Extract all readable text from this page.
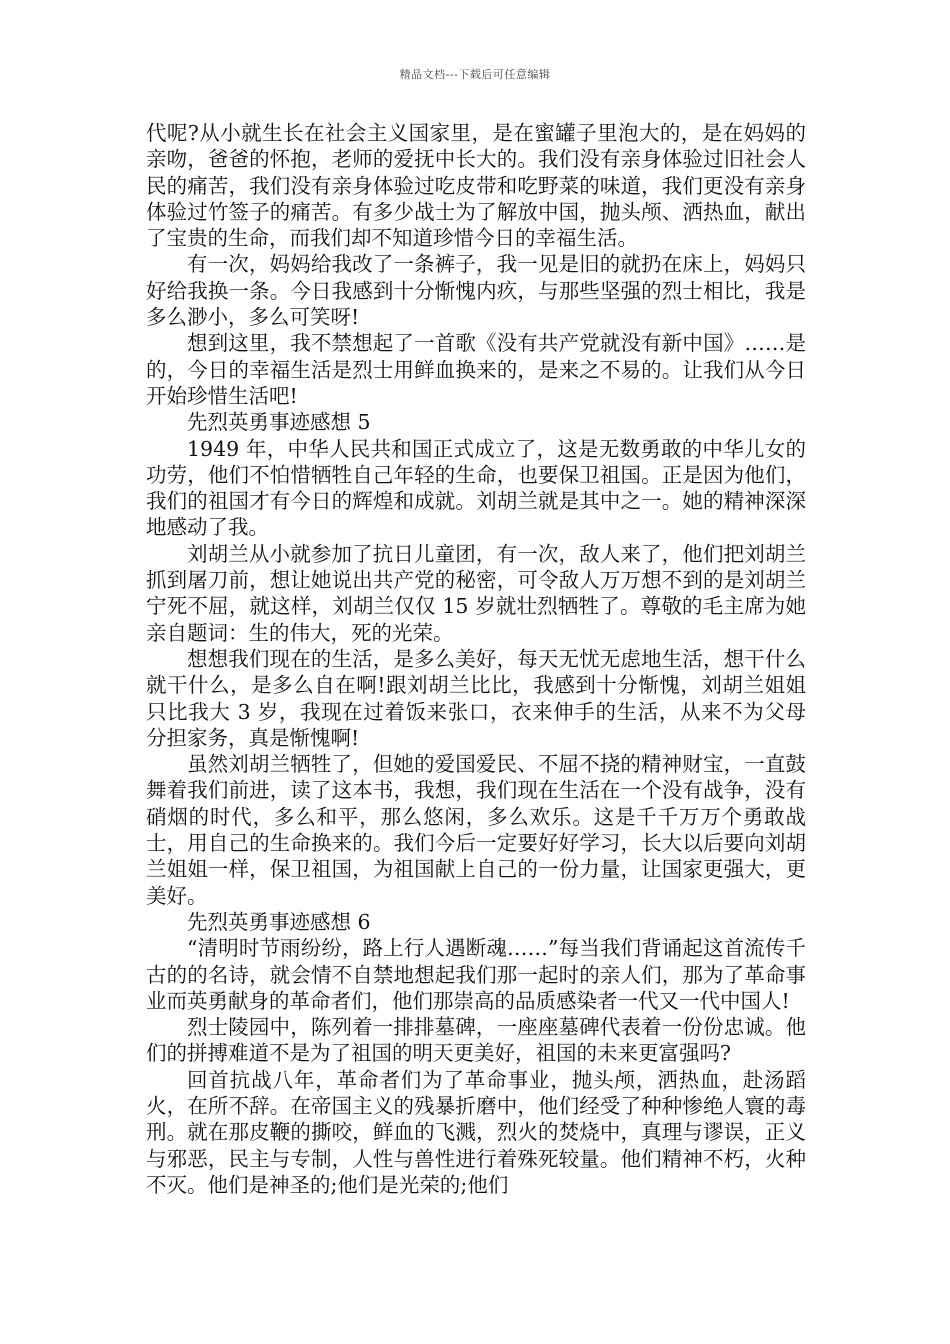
精品文档---下载后可任意编辑

代呢?从小就生长在社会主义国家里，是在蜜罐子里泡大的，是在妈妈的亲吻，爸爸的怀抱，老师的爱抚中长大的。我们没有亲身体验过旧社会人民的痛苦，我们没有亲身体验过吃皮带和吃野菜的味道，我们更没有亲身体验过竹签子的痛苦。有多少战士为了解放中国，抛头颅、洒热血，献出了宝贵的生命，而我们却不知道珍惜今日的幸福生活。

有一次，妈妈给我改了一条裤子，我一见是旧的就扔在床上，妈妈只好给我换一条。今日我感到十分惭愧内疚，与那些坚强的烈士相比，我是多么渺小，多么可笑呀!

想到这里，我不禁想起了一首歌《没有共产党就没有新中国》……是的，今日的幸福生活是烈士用鲜血换来的，是来之不易的。让我们从今日开始珍惜生活吧!

先烈英勇事迹感想 5

1949 年，中华人民共和国正式成立了，这是无数勇敢的中华儿女的功劳，他们不怕惜牺牲自己年轻的生命，也要保卫祖国。正是因为他们，我们的祖国才有今日的辉煌和成就。刘胡兰就是其中之一。她的精神深深地感动了我。

刘胡兰从小就参加了抗日儿童团，有一次，敌人来了，他们把刘胡兰抓到屠刀前，想让她说出共产党的秘密，可令敌人万万想不到的是刘胡兰宁死不屈，就这样，刘胡兰仅仅 15 岁就壮烈牺牲了。尊敬的毛主席为她亲自题词：生的伟大，死的光荣。

想想我们现在的生活，是多么美好，每天无忧无虑地生活，想干什么就干什么，是多么自在啊!跟刘胡兰比比，我感到十分惭愧，刘胡兰姐姐只比我大 3 岁，我现在过着饭来张口，衣来伸手的生活，从来不为父母分担家务，真是惭愧啊!

虽然刘胡兰牺牲了，但她的爱国爱民、不屈不挠的精神财宝，一直鼓舞着我们前进，读了这本书，我想，我们现在生活在一个没有战争，没有硝烟的时代，多么和平，那么悠闲，多么欢乐。这是千千万万个勇敢战士，用自己的生命换来的。我们今后一定要好好学习，长大以后要向刘胡兰姐姐一样，保卫祖国，为祖国献上自己的一份力量，让国家更强大，更美好。

先烈英勇事迹感想 6

“清明时节雨纷纷，路上行人遇断魂……”每当我们背诵起这首流传千古的的名诗，就会情不自禁地想起我们那一起时的亲人们，那为了革命事业而英勇献身的革命者们，他们那崇高的品质感染者一代又一代中国人!

烈士陵园中，陈列着一排排墓碑，一座座墓碑代表着一份份忠诚。他们的拼搏难道不是为了祖国的明天更美好，祖国的未来更富强吗?

回首抗战八年，革命者们为了革命事业，抛头颅，洒热血，赴汤蹈火，在所不辞。在帝国主义的残暴折磨中，他们经受了种种惨绝人寰的毒刑。就在那皮鞭的撕咬，鲜血的飞溅，烈火的焚烧中，真理与谬误，正义与邪恶，民主与专制，人性与兽性进行着殊死较量。他们精神不朽，火种不灭。他们是神圣的;他们是光荣的;他们
